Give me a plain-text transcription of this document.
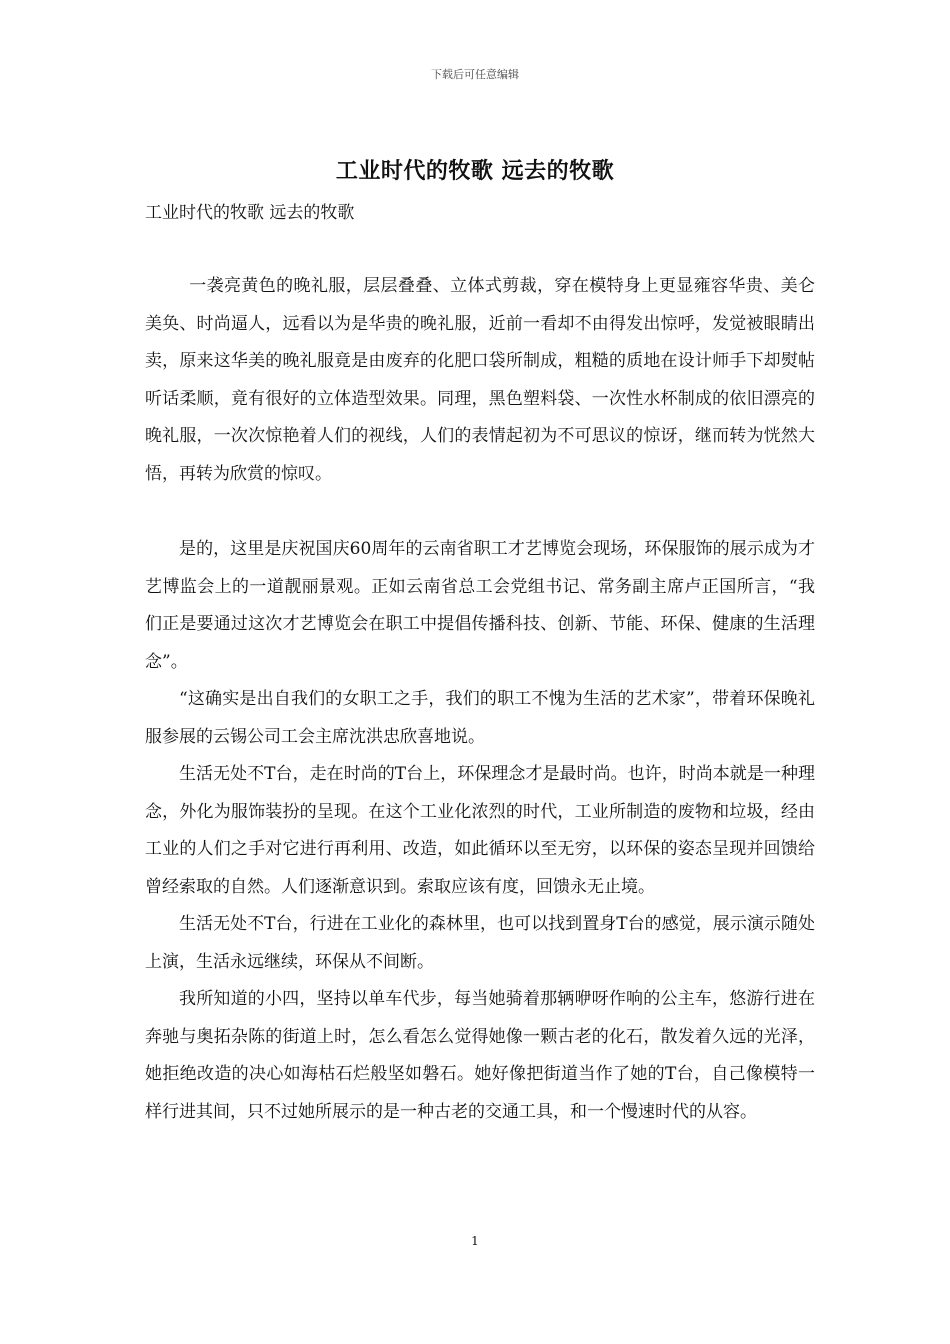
下载后可任意编辑
工业时代的牧歌 远去的牧歌
工业时代的牧歌 远去的牧歌

一袭亮黄色的晚礼服，层层叠叠、立体式剪裁，穿在模特身上更显雍容华贵、美仑美奂、时尚逼人，远看以为是华贵的晚礼服，近前一看却不由得发出惊呼，发觉被眼睛出卖，原来这华美的晚礼服竟是由废弃的化肥口袋所制成，粗糙的质地在设计师手下却熨帖听话柔顺，竟有很好的立体造型效果。同理，黑色塑料袋、一次性水杯制成的依旧漂亮的晚礼服，一次次惊艳着人们的视线，人们的表情起初为不可思议的惊讶，继而转为恍然大悟，再转为欣赏的惊叹。

是的，这里是庆祝国庆60周年的云南省职工才艺博览会现场，环保服饰的展示成为才艺博监会上的一道靓丽景观。正如云南省总工会党组书记、常务副主席卢正国所言，“我们正是要通过这次才艺博览会在职工中提倡传播科技、创新、节能、环保、健康的生活理念”。

“这确实是出自我们的女职工之手，我们的职工不愧为生活的艺术家”，带着环保晚礼服参展的云锡公司工会主席沈洪忠欣喜地说。

生活无处不T台，走在时尚的T台上，环保理念才是最时尚。也许，时尚本就是一种理念，外化为服饰装扮的呈现。在这个工业化浓烈的时代，工业所制造的废物和垃圾，经由工业的人们之手对它进行再利用、改造，如此循环以至无穷，以环保的姿态呈现并回馈给曾经索取的自然。人们逐渐意识到。索取应该有度，回馈永无止境。

生活无处不T台，行进在工业化的森林里，也可以找到置身T台的感觉，展示演示随处上演，生活永远继续，环保从不间断。

我所知道的小四，坚持以单车代步，每当她骑着那辆咿呀作响的公主车，悠游行进在奔驰与奥拓杂陈的街道上时，怎么看怎么觉得她像一颗古老的化石，散发着久远的光泽，她拒绝改造的决心如海枯石烂般坚如磐石。她好像把街道当作了她的T台，自己像模特一样行进其间，只不过她所展示的是一种古老的交通工具，和一个慢速时代的从容。

1
